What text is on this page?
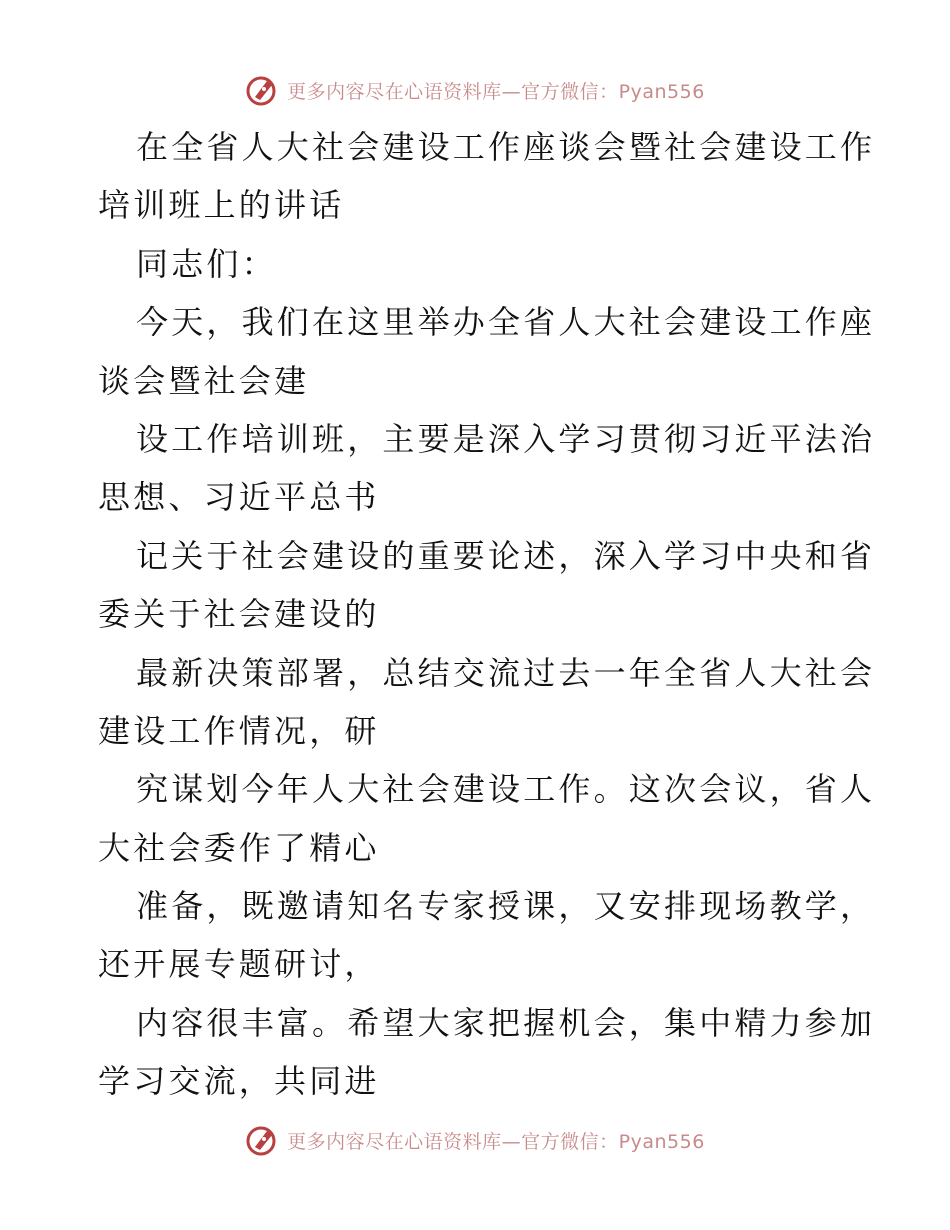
更多内容尽在心语资料库—官方微信：Pyan556
在全省人大社会建设工作座谈会暨社会建设工作
培训班上的讲话
同志们：
今天，我们在这里举办全省人大社会建设工作座
谈会暨社会建
设工作培训班，主要是深入学习贯彻习近平法治
思想、习近平总书
记关于社会建设的重要论述，深入学习中央和省
委关于社会建设的
最新决策部署，总结交流过去一年全省人大社会
建设工作情况，研
究谋划今年人大社会建设工作。这次会议，省人
大社会委作了精心
准备，既邀请知名专家授课，又安排现场教学，
还开展专题研讨，
内容很丰富。希望大家把握机会，集中精力参加
学习交流，共同进
更多内容尽在心语资料库—官方微信：Pyan556
